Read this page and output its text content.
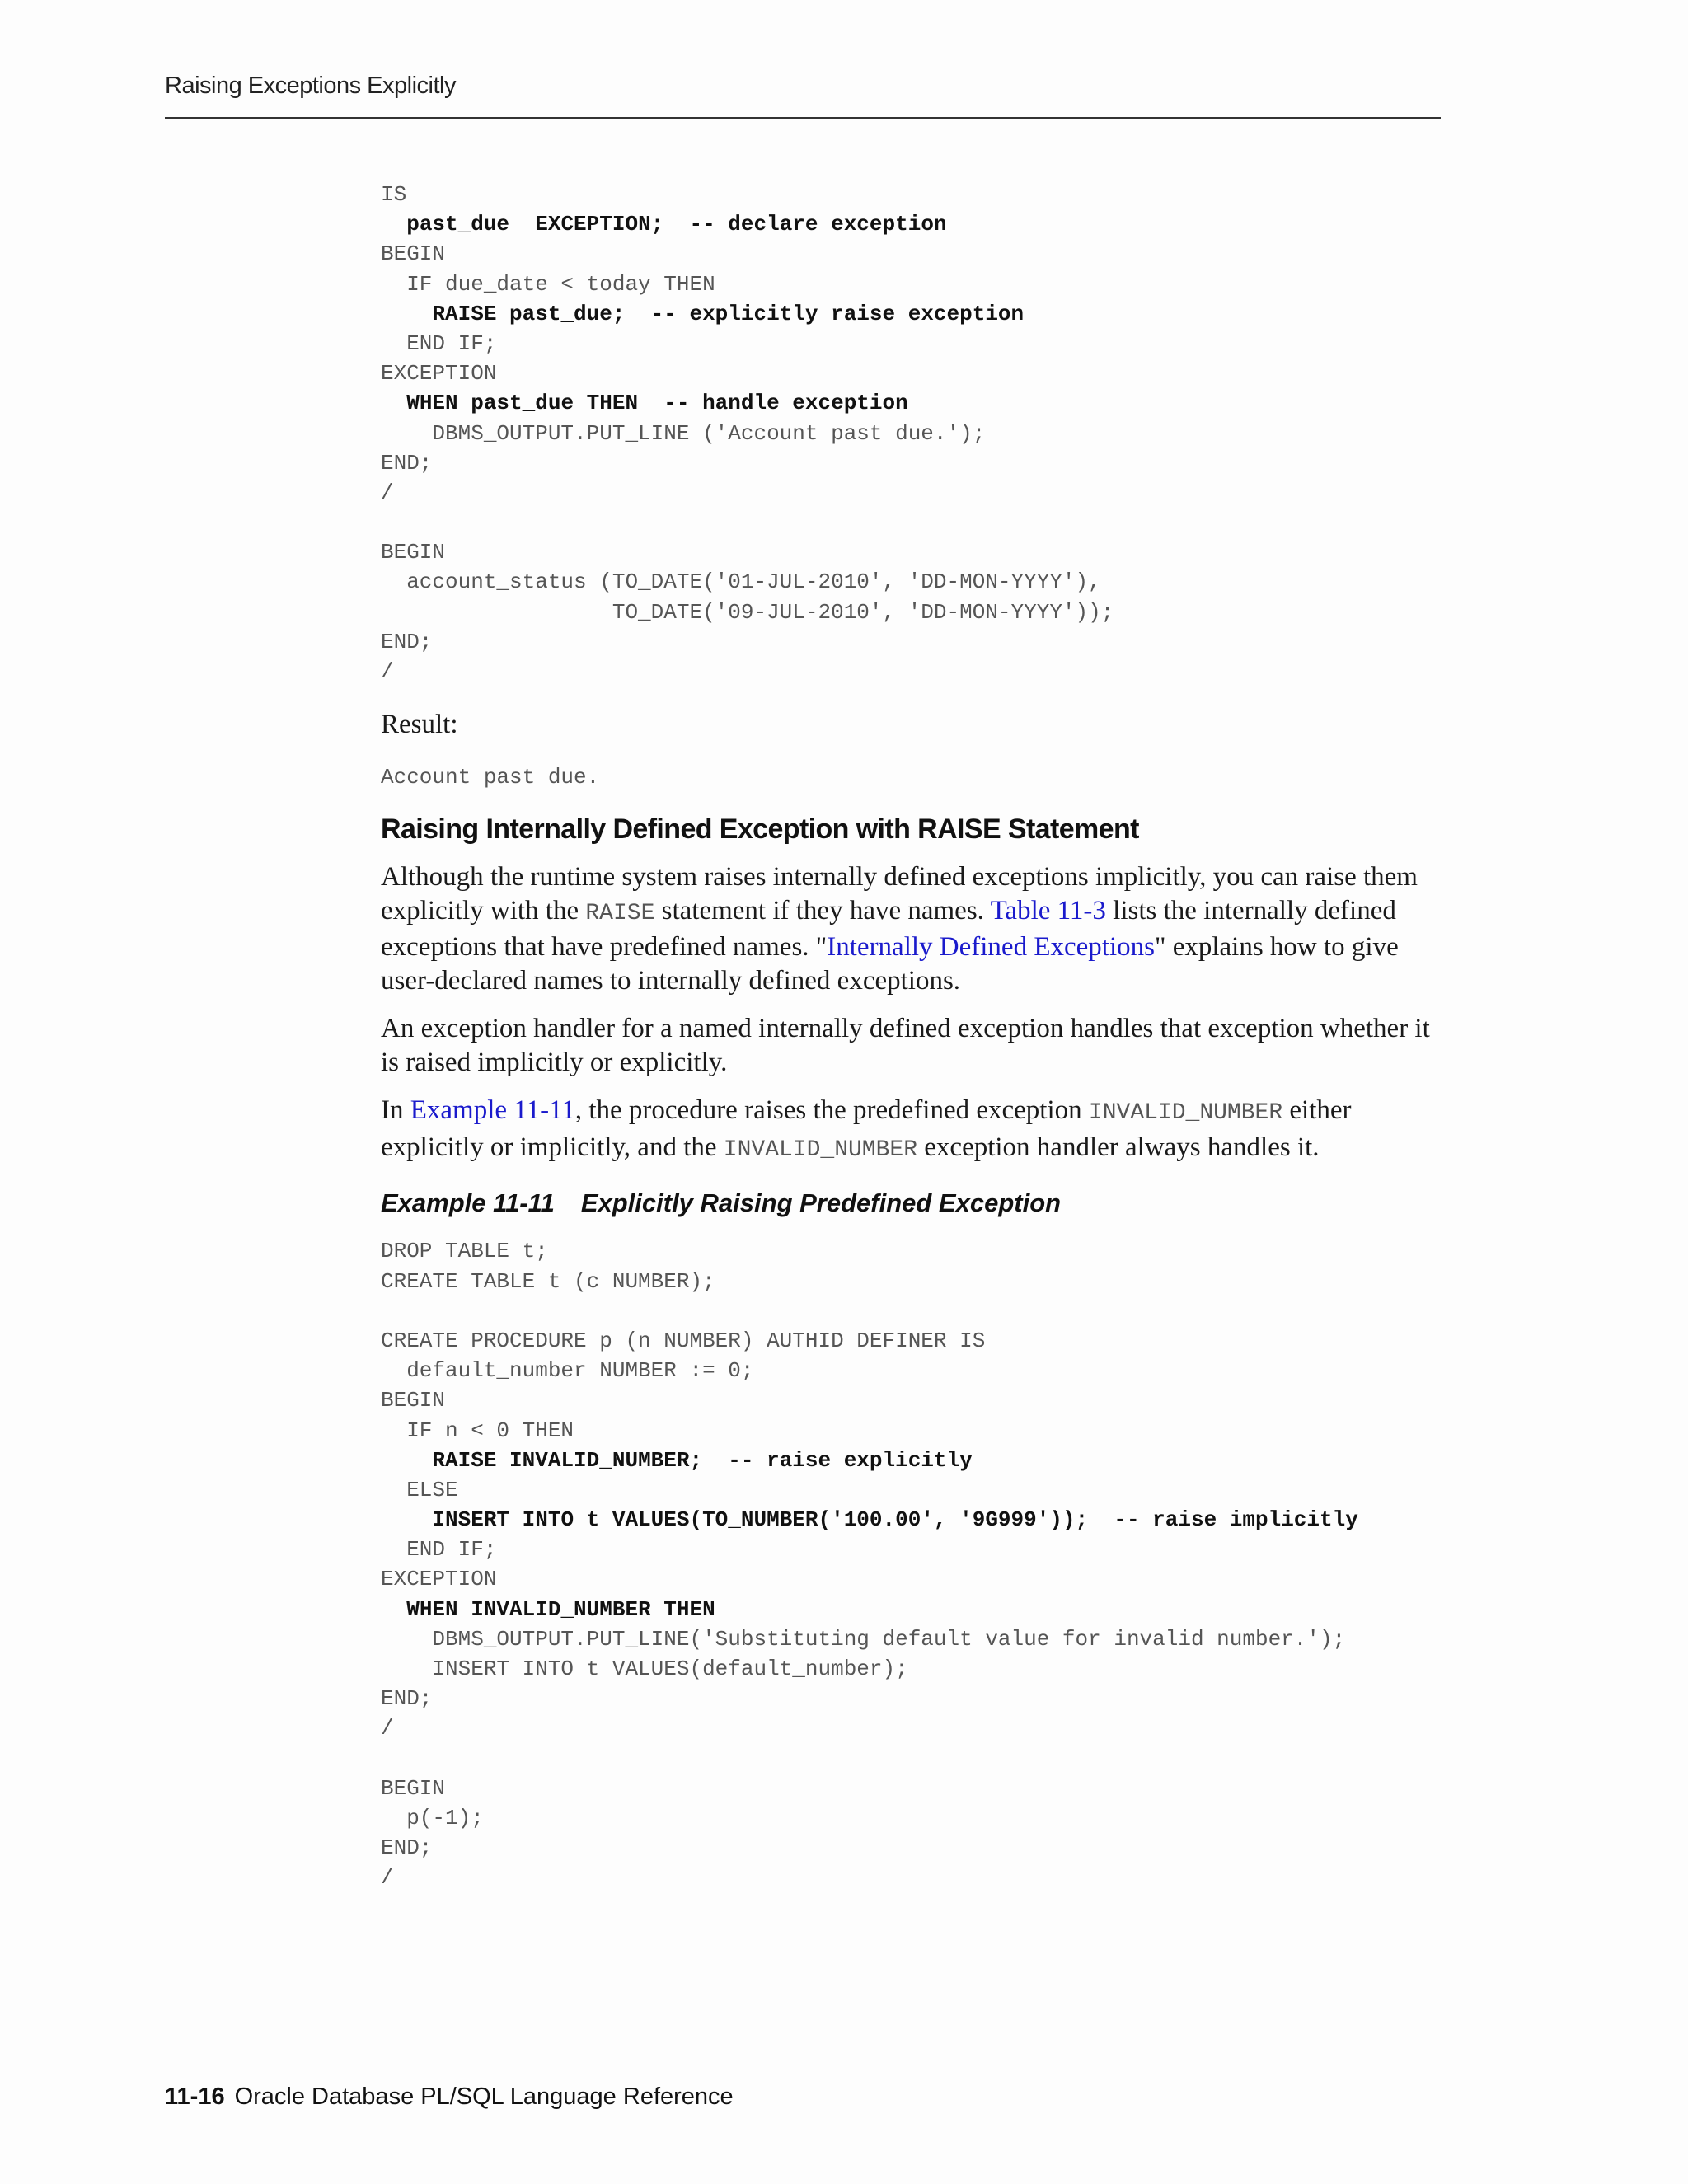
Raising Exceptions Explicitly
IS
past_due  EXCEPTION;  -- declare exception
BEGIN
IF due_date < today THEN
RAISE past_due;  -- explicitly raise exception
END IF;
EXCEPTION
WHEN past_due THEN  -- handle exception
DBMS_OUTPUT.PUT_LINE ('Account past due.');
END;
/

BEGIN
account_status (TO_DATE('01-JUL-2010', 'DD-MON-YYYY'),
TO_DATE('09-JUL-2010', 'DD-MON-YYYY'));
END;
/

Result:

Account past due.
Raising Internally Defined Exception with RAISE Statement

Although the runtime system raises internally defined exceptions implicitly, you can raise them explicitly with the RAISE statement if they have names. Table 11-3 lists the internally defined exceptions that have predefined names. "Internally Defined Exceptions" explains how to give user-declared names to internally defined exceptions.

An exception handler for a named internally defined exception handles that exception whether it is raised implicitly or explicitly.

In Example 11-11, the procedure raises the predefined exception INVALID_NUMBER either explicitly or implicitly, and the INVALID_NUMBER exception handler always handles it.

Example 11-11 Explicitly Raising Predefined Exception
DROP TABLE t;
CREATE TABLE t (c NUMBER);

CREATE PROCEDURE p (n NUMBER) AUTHID DEFINER IS
default_number NUMBER := 0;
BEGIN
IF n < 0 THEN
RAISE INVALID_NUMBER;  -- raise explicitly
ELSE
INSERT INTO t VALUES(TO_NUMBER('100.00', '9G999'));  -- raise implicitly
END IF;
EXCEPTION
WHEN INVALID_NUMBER THEN
DBMS_OUTPUT.PUT_LINE('Substituting default value for invalid number.');
INSERT INTO t VALUES(default_number);
END;
/

BEGIN
p(-1);
END;
/
11-16 Oracle Database PL/SQL Language Reference
